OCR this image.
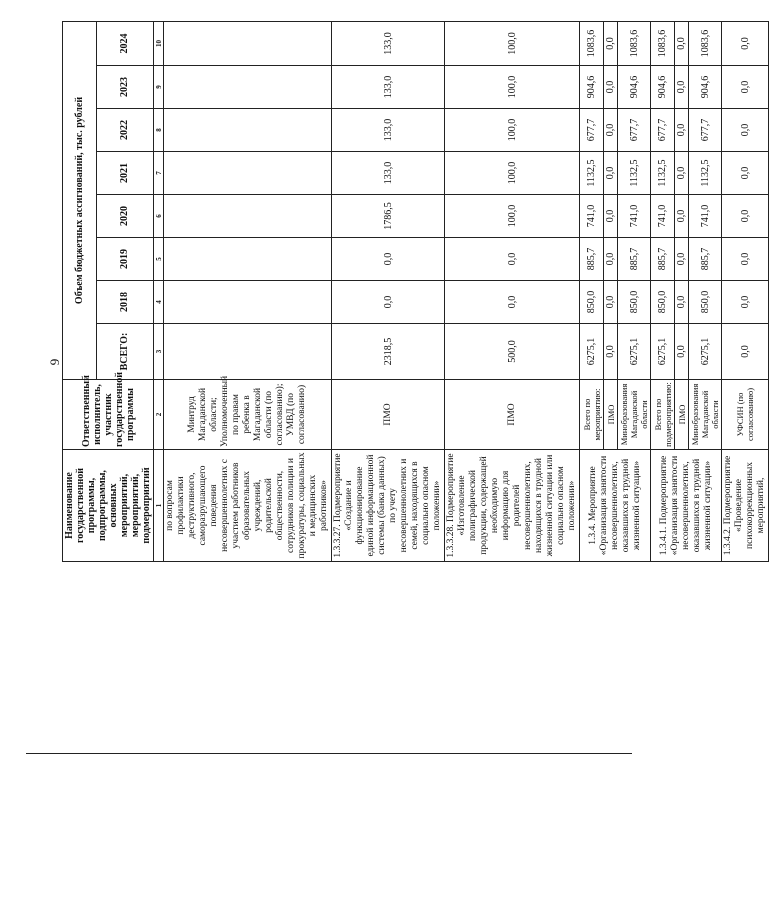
9
Наименование государственной программы, подпрограммы, основных мероприятий, мероприятий, подмероприятий	Ответственный исполнитель, участник государственной программы	Объем бюджетных ассигнований, тыс. рублей							
		ВСЕГО:	2018	2019	2020	2021	2022	2023	2024
1	2	3	4	5	6	7	8	9	10
по вопросам профилактики деструктивного, саморазрушающего поведения несовершеннолетних с участием работников образовательных учреждений, родительской общественности, сотрудников полиции и прокуратуры, социальных и медицинских работников»	Минтруд Магаданской области; Уполномоченный по правам ребенка в Магаданской области (по согласованию); УМВД (по согласованию)								
1.3.3.27. Подмероприятие «Создание и функционирование единой информационной системы (банка данных) по учету несовершеннолетних и семей, находящихся в социально опасном положении»	ПМО	2318,5	0,0	0,0	1786,5	133,0	133,0	133,0	133,0
1.3.3.28. Подмероприятие «Изготовление полиграфической продукции, содержащей необходимую информацию для родителей несовершеннолетних, находящихся в трудной жизненной ситуации или социально опасном положении»	ПМО	500,0	0,0	0,0	100,0	100,0	100,0	100,0	100,0
1.3.4. Мероприятие «Организация занятости несовершеннолетних, оказавшихся в трудной жизненной ситуации»	Всего по мероприятию:	6275,1	850,0	885,7	741,0	1132,5	677,7	904,6	1083,6
	ПМО	0,0	0,0	0,0	0,0	0,0	0,0	0,0	0,0
	Минобразования Магаданской области	6275,1	850,0	885,7	741,0	1132,5	677,7	904,6	1083,6
1.3.4.1. Подмероприятие «Организация занятости несовершеннолетних, оказавшихся в трудной жизненной ситуации»	Всего по подмероприятию:	6275,1	850,0	885,7	741,0	1132,5	677,7	904,6	1083,6
	ПМО	0,0	0,0	0,0	0,0	0,0	0,0	0,0	0,0
	Минобразования Магаданской области	6275,1	850,0	885,7	741,0	1132,5	677,7	904,6	1083,6
1.3.4.2. Подмероприятие «Проведение психокоррекционных мероприятий,	УФСИН (по согласованию)	0,0	0,0	0,0	0,0	0,0	0,0	0,0	0,0
